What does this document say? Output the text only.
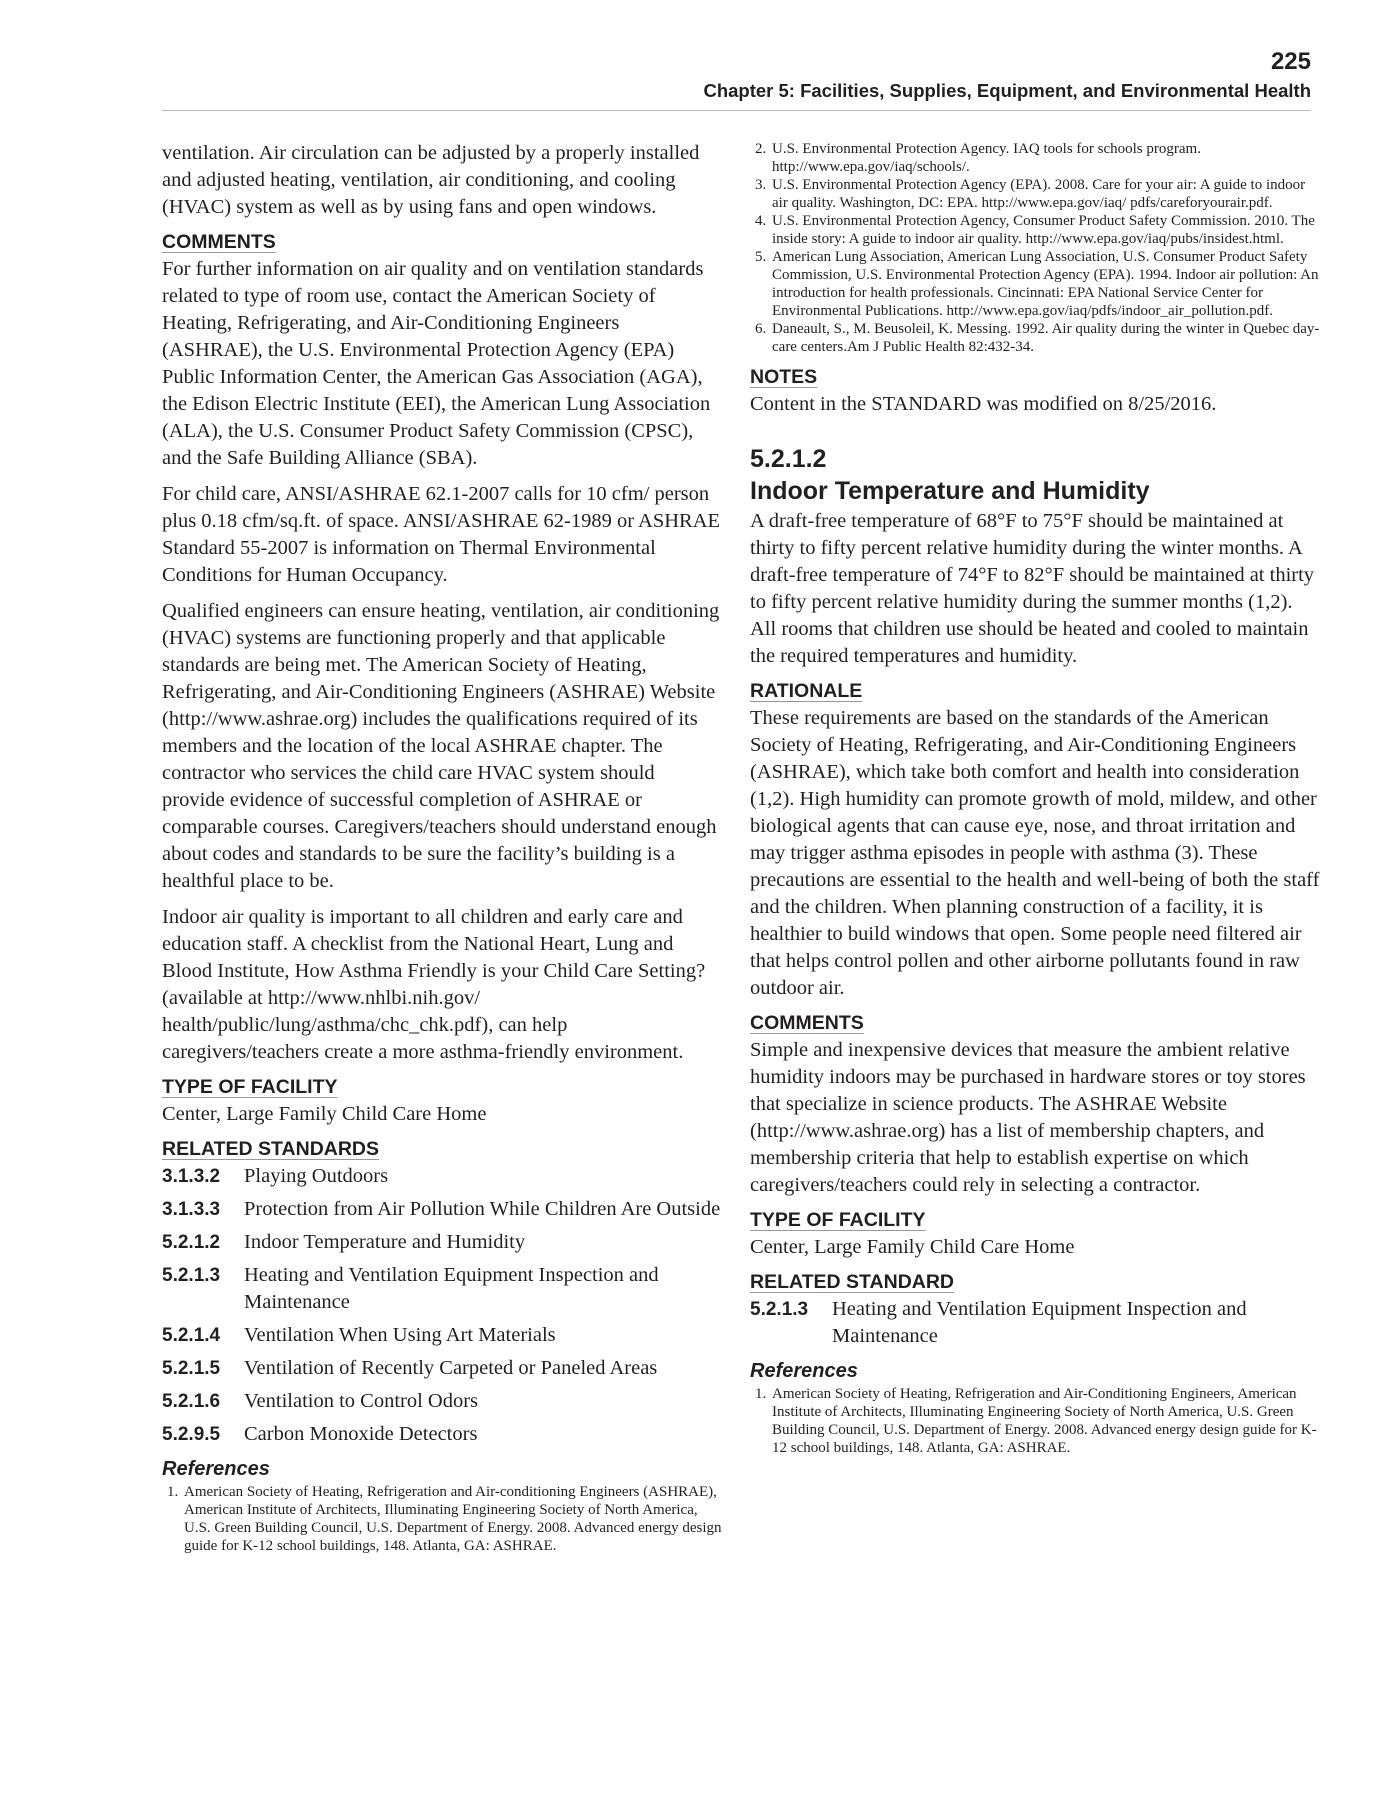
225
Chapter 5: Facilities, Supplies, Equipment, and Environmental Health

ventilation. Air circulation can be adjusted by a properly installed and adjusted heating, ventilation, air conditioning, and cooling (HVAC) system as well as by using fans and open windows.

COMMENTS

For further information on air quality and on ventilation standards related to type of room use, contact the American Society of Heating, Refrigerating, and Air-Conditioning Engineers (ASHRAE), the U.S. Environmental Protection Agency (EPA) Public Information Center, the American Gas Association (AGA), the Edison Electric Institute (EEI), the American Lung Association (ALA), the U.S. Consumer Product Safety Commission (CPSC), and the Safe Building Alliance (SBA).

For child care, ANSI/ASHRAE 62.1-2007 calls for 10 cfm/ person plus 0.18 cfm/sq.ft. of space. ANSI/ASHRAE 62-1989 or ASHRAE Standard 55-2007 is information on Thermal Environmental Conditions for Human Occupancy.

Qualified engineers can ensure heating, ventilation, air conditioning (HVAC) systems are functioning properly and that applicable standards are being met. The American Society of Heating, Refrigerating, and Air-Conditioning Engineers (ASHRAE) Website (http://www.ashrae.org) includes the qualifications required of its members and the location of the local ASHRAE chapter. The contractor who services the child care HVAC system should provide evidence of successful completion of ASHRAE or comparable courses. Caregivers/teachers should understand enough about codes and standards to be sure the facility’s building is a healthful place to be.

Indoor air quality is important to all children and early care and education staff. A checklist from the National Heart, Lung and Blood Institute, How Asthma Friendly is your Child Care Setting? (available at http://www.nhlbi.nih.gov/ health/public/lung/asthma/chc_chk.pdf), can help caregivers/teachers create a more asthma-friendly environment.

TYPE OF FACILITY

Center, Large Family Child Care Home

RELATED STANDARDS
3.1.3.2	Playing Outdoors
3.1.3.3	Protection from Air Pollution While Children Are Outside
5.2.1.2	Indoor Temperature and Humidity
5.2.1.3	Heating and Ventilation Equipment Inspection and Maintenance
5.2.1.4	Ventilation When Using Art Materials
5.2.1.5	Ventilation of Recently Carpeted or Paneled Areas
5.2.1.6	Ventilation to Control Odors
5.2.9.5	Carbon Monoxide Detectors
References
1. American Society of Heating, Refrigeration and Air-conditioning Engineers (ASHRAE), American Institute of Architects, Illuminating Engineering Society of North America, U.S. Green Building Council, U.S. Department of Energy. 2008. Advanced energy design guide for K-12 school buildings, 148. Atlanta, GA: ASHRAE.
2. U.S. Environmental Protection Agency. IAQ tools for schools program. http://www.epa.gov/iaq/schools/.
3. U.S. Environmental Protection Agency (EPA). 2008. Care for your air: A guide to indoor air quality. Washington, DC: EPA. http://www.epa.gov/iaq/ pdfs/careforyourair.pdf.
4. U.S. Environmental Protection Agency, Consumer Product Safety Commission. 2010. The inside story: A guide to indoor air quality. http://www.epa.gov/iaq/pubs/insidest.html.
5. American Lung Association, American Lung Association, U.S. Consumer Product Safety Commission, U.S. Environmental Protection Agency (EPA). 1994. Indoor air pollution: An introduction for health professionals. Cincinnati: EPA National Service Center for Environmental Publications. http://www.epa.gov/iaq/pdfs/indoor_air_pollution.pdf.
6. Daneault, S., M. Beusoleil, K. Messing. 1992. Air quality during the winter in Quebec day-care centers.Am J Public Health 82:432-34.
NOTES

Content in the STANDARD was modified on 8/25/2016.

5.2.1.2
Indoor Temperature and Humidity

A draft-free temperature of 68°F to 75°F should be maintained at thirty to fifty percent relative humidity during the winter months. A draft-free temperature of 74°F to 82°F should be maintained at thirty to fifty percent relative humidity during the summer months (1,2). All rooms that children use should be heated and cooled to maintain the required temperatures and humidity.

RATIONALE

These requirements are based on the standards of the American Society of Heating, Refrigerating, and Air-Conditioning Engineers (ASHRAE), which take both comfort and health into consideration (1,2). High humidity can promote growth of mold, mildew, and other biological agents that can cause eye, nose, and throat irritation and may trigger asthma episodes in people with asthma (3). These precautions are essential to the health and well-being of both the staff and the children. When planning construction of a facility, it is healthier to build windows that open. Some people need filtered air that helps control pollen and other airborne pollutants found in raw outdoor air.

COMMENTS

Simple and inexpensive devices that measure the ambient relative humidity indoors may be purchased in hardware stores or toy stores that specialize in science products. The ASHRAE Website (http://www.ashrae.org) has a list of membership chapters, and membership criteria that help to establish expertise on which caregivers/teachers could rely in selecting a contractor.

TYPE OF FACILITY

Center, Large Family Child Care Home

RELATED STANDARD
5.2.1.3	Heating and Ventilation Equipment Inspection and Maintenance
References
1. American Society of Heating, Refrigeration and Air-Conditioning Engineers, American Institute of Architects, Illuminating Engineering Society of North America, U.S. Green Building Council, U.S. Department of Energy. 2008. Advanced energy design guide for K-12 school buildings, 148. Atlanta, GA: ASHRAE.
